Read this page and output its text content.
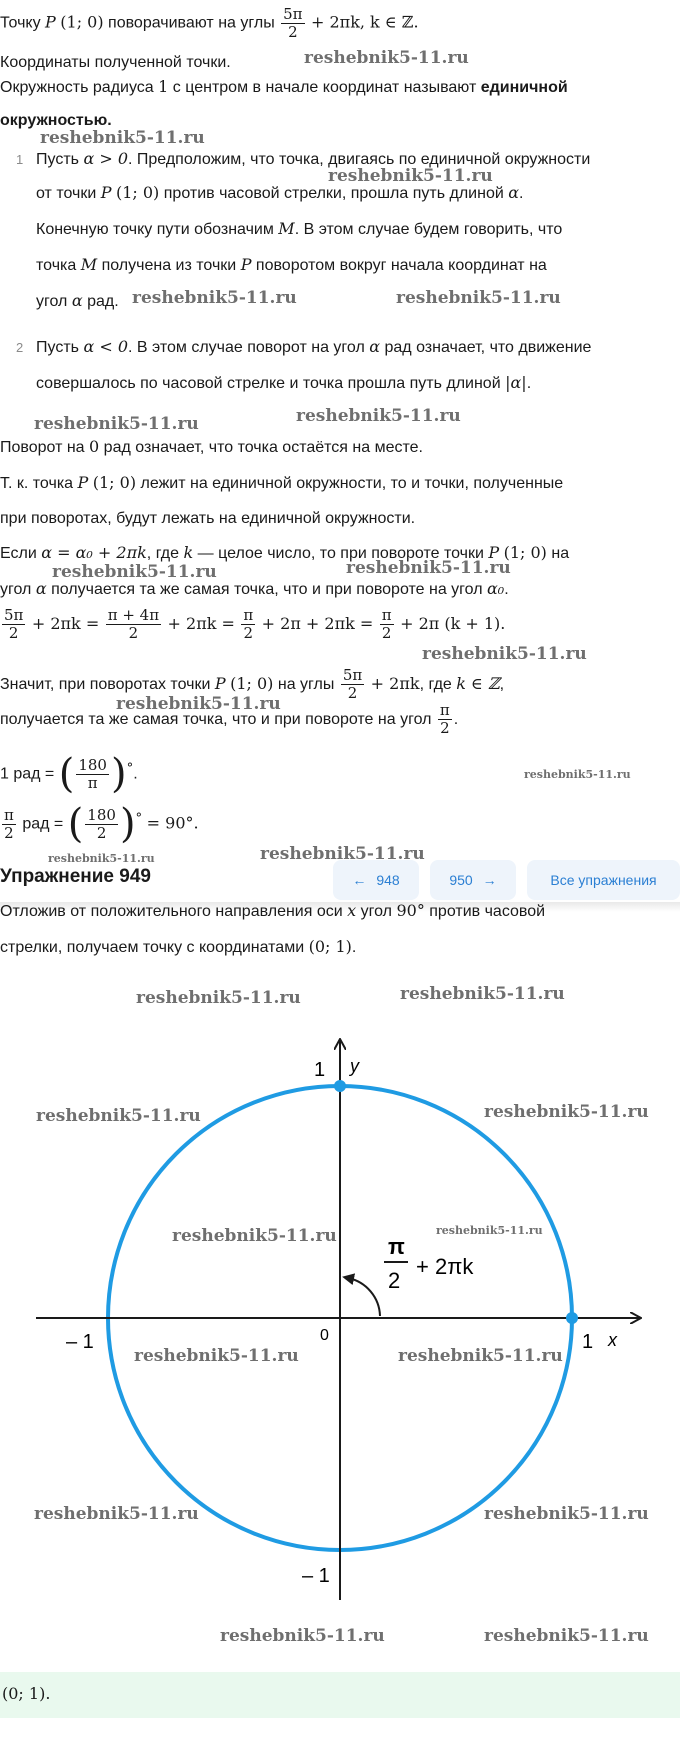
Точку P (1; 0) поворачивают на углы $\frac{5\pi}{2} + 2\pi k$, k ∈ ℤ.
Координаты полученной точки.
Окружность радиуса 1 с центром в начале координат называют единичной
окружностью.
1 Пусть α > 0. Предположим, что точка, двигаясь по единичной окружности
от точки P (1; 0) против часовой стрелки, прошла путь длиной α.
Конечную точку пути обозначим M. В этом случае будем говорить, что
точка M получена из точки P поворотом вокруг начала координат на
угол α рад.
2 Пусть α < 0. В этом случае поворот на угол α рад означает, что движение
совершалось по часовой стрелке и точка прошла путь длиной |α|.
Поворот на 0 рад означает, что точка остаётся на месте.
Т. к. точка P (1; 0) лежит на единичной окружности, то и точки, полученные
при поворотах, будут лежать на единичной окружности.
Если α = α₀ + 2πk, где k — целое число, то при повороте точки P (1; 0) на
угол α получается та же самая точка, что и при повороте на угол α₀.
$\frac{5\pi}{2} + 2\pi k = \frac{\pi + 4\pi}{2} + 2\pi k = \frac{\pi}{2} + 2\pi + 2\pi k = \frac{\pi}{2} + 2\pi$ (k + 1).
Значит, при поворотах точки P (1; 0) на углы $\frac{5\pi}{2} + 2\pi k$, где k ∈ ℤ,
получается та же самая точка, что и при повороте на угол $\frac{\pi}{2}$ .
1 рад = ( $\frac{180}{\pi} )^\circ$.
$\frac{\pi}{2}$ рад = ( $\frac{180}{2} )^\circ = 90^\circ$.
Упражнение 949	← 948	950 →	Все упражнения
Отложив от положительного направления оси x угол 90° против часовой
стрелки, получаем точку с координатами (0; 1).
y
x
1
1
– 1
– 1
0
π
2
+ 2πk
(0; 1).
reshebnik5-11.ru
reshebnik5-11.ru
reshebnik5-11.ru
reshebnik5-11.ru	reshebnik5-11.ru
reshebnik5-11.ru	reshebnik5-11.ru
reshebnik5-11.ru	reshebnik5-11.ru
reshebnik5-11.ru
reshebnik5-11.ru
reshebnik5-11.ru
reshebnik5-11.ru	reshebnik5-11.ru
reshebnik5-11.ru	reshebnik5-11.ru
reshebnik5-11.ru	reshebnik5-11.ru
reshebnik5-11.ru	reshebnik5-11.ru
reshebnik5-11.ru	reshebnik5-11.ru
reshebnik5-11.ru	reshebnik5-11.ru
reshebnik5-11.ru	reshebnik5-11.ru
